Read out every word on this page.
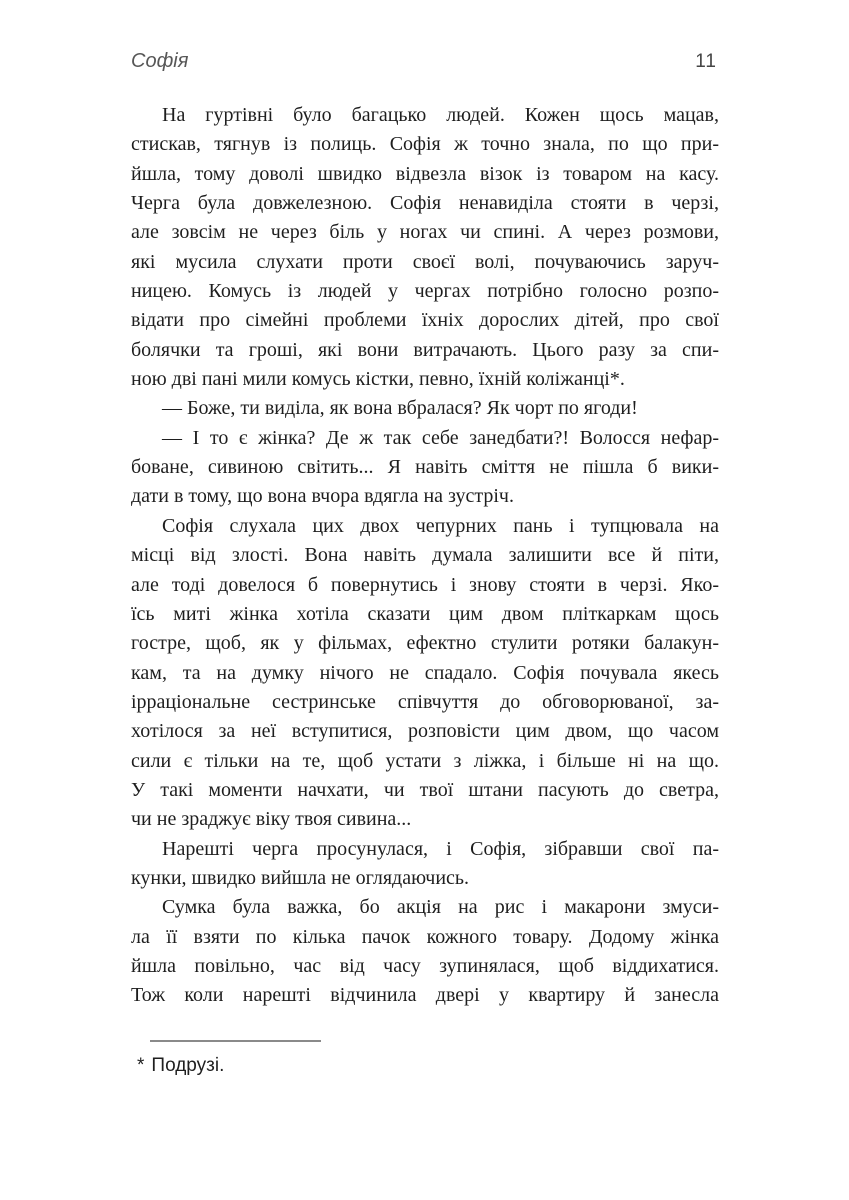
Софія	11
На гуртівні було багацько людей. Кожен щось мацав,
стискав, тягнув із полиць. Софія ж точно знала, по що при-
йшла, тому доволі швидко відвезла візок із товаром на касу.
Черга була довжелезною. Софія ненавиділа стояти в черзі,
але зовсім не через біль у ногах чи спині. А через розмови,
які мусила слухати проти своєї волі, почуваючись заруч-
ницею. Комусь із людей у чергах потрібно голосно розпо-
відати про сімейні проблеми їхніх дорослих дітей, про свої
болячки та гроші, які вони витрачають. Цього разу за спи-
ною дві пані мили комусь кістки, певно, їхній коліжанці*.
— Боже, ти виділа, як вона вбралася? Як чорт по ягоди!
— І то є жінка? Де ж так себе занедбати?! Волосся нефар-
боване, сивиною світить... Я навіть сміття не пішла б вики-
дати в тому, що вона вчора вдягла на зустріч.
Софія слухала цих двох чепурних пань і тупцювала на
місці від злості. Вона навіть думала залишити все й піти,
але тоді довелося б повернутись і знову стояти в черзі. Яко-
їсь миті жінка хотіла сказати цим двом пліткаркам щось
гостре, щоб, як у фільмах, ефектно стулити ротяки балакун-
кам, та на думку нічого не спадало. Софія почувала якесь
ірраціональне сестринське співчуття до обговорюваної, за-
хотілося за неї вступитися, розповісти цим двом, що часом
сили є тільки на те, щоб устати з ліжка, і більше ні на що.
У такі моменти начхати, чи твої штани пасують до светра,
чи не зраджує віку твоя сивина...
Нарешті черга просунулася, і Софія, зібравши свої па-
кунки, швидко вийшла не оглядаючись.
Сумка була важка, бо акція на рис і макарони змуси-
ла її взяти по кілька пачок кожного товару. Додому жінка
йшла повільно, час від часу зупинялася, щоб віддихатися.
Тож коли нарешті відчинила двері у квартиру й занесла
* Подрузі.
